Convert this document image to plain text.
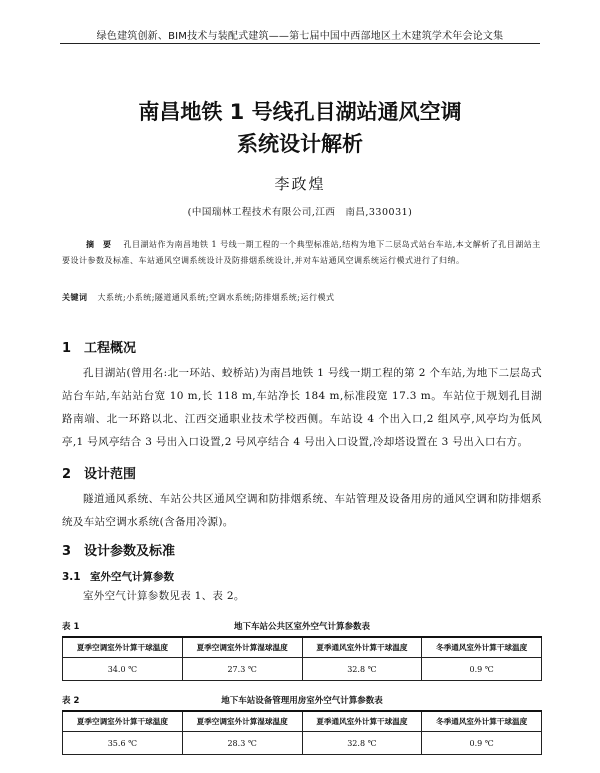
绿色建筑创新、BIM技术与装配式建筑——第七届中国中西部地区土木建筑学术年会论文集
南昌地铁 1 号线孔目湖站通风空调
系统设计解析
李政煌
(中国瑞林工程技术有限公司,江西　南昌,330031)
摘　要 孔目湖站作为南昌地铁 1 号线一期工程的一个典型标准站,结构为地下二层岛式站台车站,本文解析了孔目湖站主要设计参数及标准、车站通风空调系统设计及防排烟系统设计,并对车站通风空调系统运行模式进行了归纳。
关键词 大系统;小系统;隧道通风系统;空调水系统;防排烟系统;运行模式
1 工程概况
孔目湖站(曾用名:北一环站、蛟桥站)为南昌地铁 1 号线一期工程的第 2 个车站,为地下二层岛式站台车站,车站站台宽 10 m,长 118 m,车站净长 184 m,标准段宽 17.3 m。车站位于规划孔目湖路南端、北一环路以北、江西交通职业技术学校西侧。车站设 4 个出入口,2 组风亭,风亭均为低风亭,1 号风亭结合 3 号出入口设置,2 号风亭结合 4 号出入口设置,冷却塔设置在 3 号出入口右方。
2 设计范围
隧道通风系统、车站公共区通风空调和防排烟系统、车站管理及设备用房的通风空调和防排烟系统及车站空调水系统(含备用冷源)。
3 设计参数及标准
3.1 室外空气计算参数
室外空气计算参数见表 1、表 2。
表 1	地下车站公共区室外空气计算参数表
夏季空调室外计算干球温度	夏季空调室外计算湿球温度	夏季通风室外计算干球温度	冬季通风室外计算干球温度
34.0 ℃	27.3 ℃	32.8 ℃	0.9 ℃
表 2	地下车站设备管理用房室外空气计算参数表
夏季空调室外计算干球温度	夏季空调室外计算湿球温度	夏季通风室外计算干球温度	冬季通风室外计算干球温度
35.6 ℃	28.3 ℃	32.8 ℃	0.9 ℃
